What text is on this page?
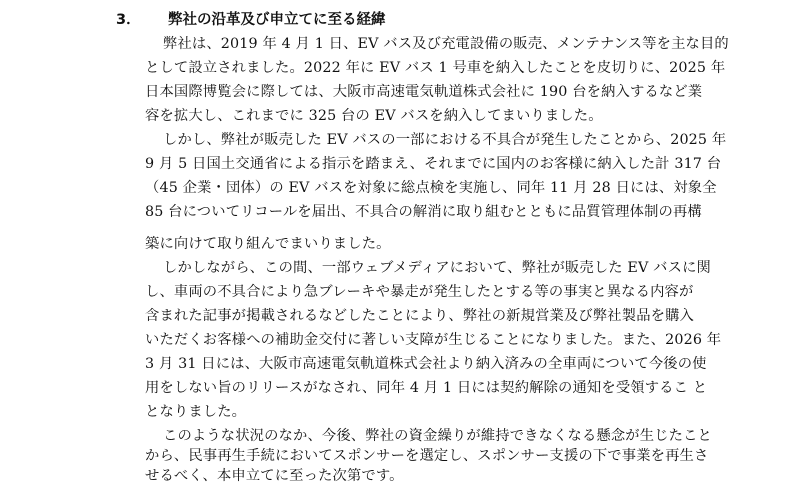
3． 弊社の沿革及び申立てに至る経緯
弊社は、2019 年 4 月 1 日、EV バス及び充電設備の販売、メンテナンス等を主な目的
として設立されました。2022 年に EV バス 1 号車を納入したことを皮切りに、2025 年
日本国際博覧会に際しては、大阪市高速電気軌道株式会社に 190 台を納入するなど業
容を拡大し、これまでに 325 台の EV バスを納入してまいりました。
しかし、弊社が販売した EV バスの一部における不具合が発生したことから、2025 年
9 月 5 日国土交通省による指示を踏まえ、それまでに国内のお客様に納入した計 317 台
（45 企業・団体）の EV バスを対象に総点検を実施し、同年 11 月 28 日には、対象全
85 台についてリコールを届出、不具合の解消に取り組むとともに品質管理体制の再構
築に向けて取り組んでまいりました。
しかしながら、この間、一部ウェブメディアにおいて、弊社が販売した EV バスに関
し、車両の不具合により急ブレーキや暴走が発生したとする等の事実と異なる内容が
含まれた記事が掲載されるなどしたことにより、弊社の新規営業及び弊社製品を購入
いただくお客様への補助金交付に著しい支障が生じることになりました。また、2026 年
3 月 31 日には、大阪市高速電気軌道株式会社より納入済みの全車両について今後の使
用をしない旨のリリースがなされ、同年 4 月 1 日には契約解除の通知を受領するこ と
となりました。
このような状況のなか、今後、弊社の資金繰りが維持できなくなる懸念が生じたこと
から、民事再生手続においてスポンサーを選定し、スポンサー支援の下で事業を再生さ
せるべく、本申立てに至った次第です。
